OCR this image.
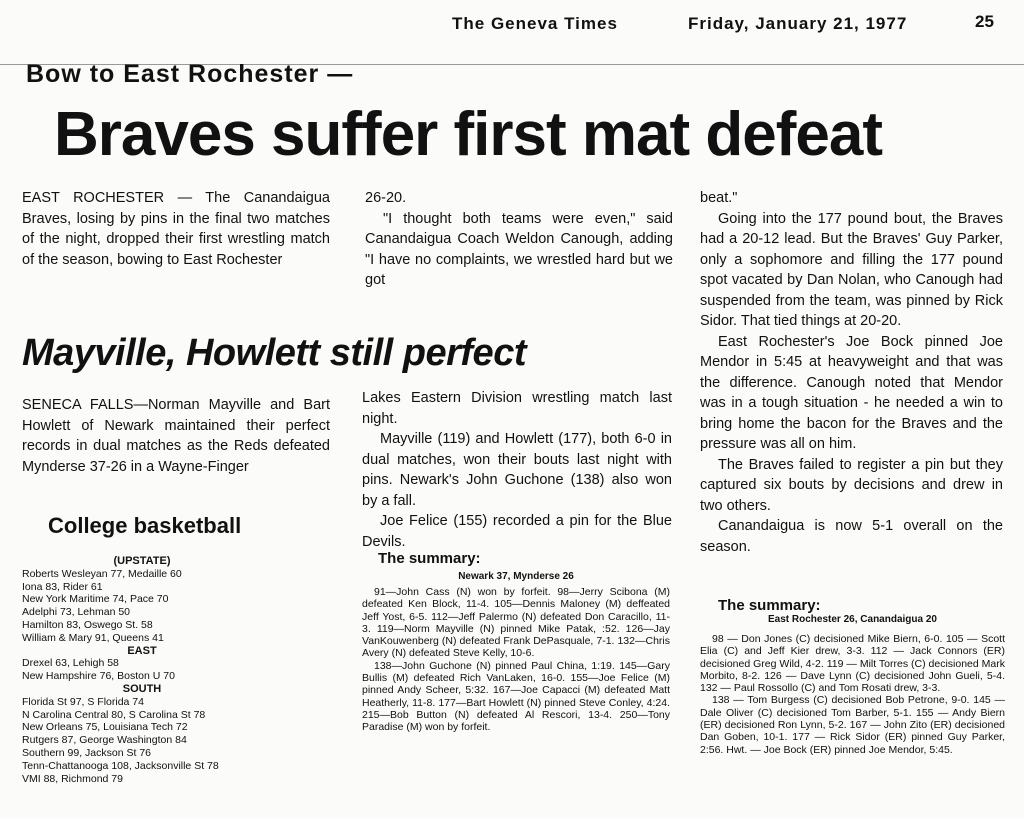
The Geneva Times	Friday, January 21, 1977	25
Bow to East Rochester —
Braves suffer first mat defeat

EAST ROCHESTER — The Canandaigua Braves, losing by pins in the final two matches of the night, dropped their first wrestling match of the season, bowing to East Rochester

26-20.

"I thought both teams were even," said Canandaigua Coach Weldon Canough, adding "I have no complaints, we wrestled hard but we got

beat."

Going into the 177 pound bout, the Braves had a 20-12 lead. But the Braves' Guy Parker, only a sophomore and filling the 177 pound spot vacated by Dan Nolan, who Canough had suspended from the team, was pinned by Rick Sidor. That tied things at 20-20.

East Rochester's Joe Bock pinned Joe Mendor in 5:45 at heavyweight and that was the difference. Canough noted that Mendor was in a tough situation - he needed a win to bring home the bacon for the Braves and the pressure was all on him.

The Braves failed to register a pin but they captured six bouts by decisions and drew in two others.

Canandaigua is now 5-1 overall on the season.

The summary:
East Rochester 26, Canandaigua 20

98 — Don Jones (C) decisioned Mike Biern, 6-0. 105 — Scott Elia (C) and Jeff Kier drew, 3-3. 112 — Jack Connors (ER) decisioned Greg Wild, 4-2. 119 — Milt Torres (C) decisioned Mark Morbito, 8-2. 126 — Dave Lynn (C) decisioned John Gueli, 5-4. 132 — Paul Rossollo (C) and Tom Rosati drew, 3-3.

138 — Tom Burgess (C) decisioned Bob Petrone, 9-0. 145 — Dale Oliver (C) decisioned Tom Barber, 5-1. 155 — Andy Biern (ER) decisioned Ron Lynn, 5-2. 167 — John Zito (ER) decisioned Dan Goben, 10-1. 177 — Rick Sidor (ER) pinned Guy Parker, 2:56. Hwt. — Joe Bock (ER) pinned Joe Mendor, 5:45.

Mayville, Howlett still perfect

SENECA FALLS—Norman Mayville and Bart Howlett of Newark maintained their perfect records in dual matches as the Reds defeated Mynderse 37-26 in a Wayne-Finger

Lakes Eastern Division wrestling match last night.

Mayville (119) and Howlett (177), both 6-0 in dual matches, won their bouts last night with pins. Newark's John Guchone (138) also won by a fall.

Joe Felice (155) recorded a pin for the Blue Devils.

The summary:
Newark 37, Mynderse 26

91—John Cass (N) won by forfeit. 98—Jerry Scibona (M) defeated Ken Block, 11-4. 105—Dennis Maloney (M) deffeated Jeff Yost, 6-5. 112—Jeff Palermo (N) defeated Don Caracillo, 11-3. 119—Norm Mayville (N) pinned Mike Patak, :52. 126—Jay VanKouwenberg (N) defeated Frank DePasquale, 7-1. 132—Chris Avery (N) defeated Steve Kelly, 10-6.

138—John Guchone (N) pinned Paul China, 1:19. 145—Gary Bullis (M) defeated Rich VanLaken, 16-0. 155—Joe Felice (M) pinned Andy Scheer, 5:32. 167—Joe Capacci (M) defeated Matt Heatherly, 11-8. 177—Bart Howlett (N) pinned Steve Conley, 4:24. 215—Bob Button (N) defeated Al Rescori, 13-4. 250—Tony Paradise (M) won by forfeit.

College basketball
(UPSTATE)
Roberts Wesleyan 77, Medaille 60
Iona 83, Rider 61
New York Maritime 74, Pace 70
Adelphi 73, Lehman 50
Hamilton 83, Oswego St. 58
William & Mary 91, Queens 41
EAST
Drexel 63, Lehigh 58
New Hampshire 76, Boston U 70
SOUTH
Florida St 97, S Florida 74
N Carolina Central 80, S Carolina St 78
New Orleans 75, Louisiana Tech 72
Rutgers 87, George Washington 84
Southern 99, Jackson St 76
Tenn-Chattanooga 108, Jacksonville St 78
VMI 88, Richmond 79
